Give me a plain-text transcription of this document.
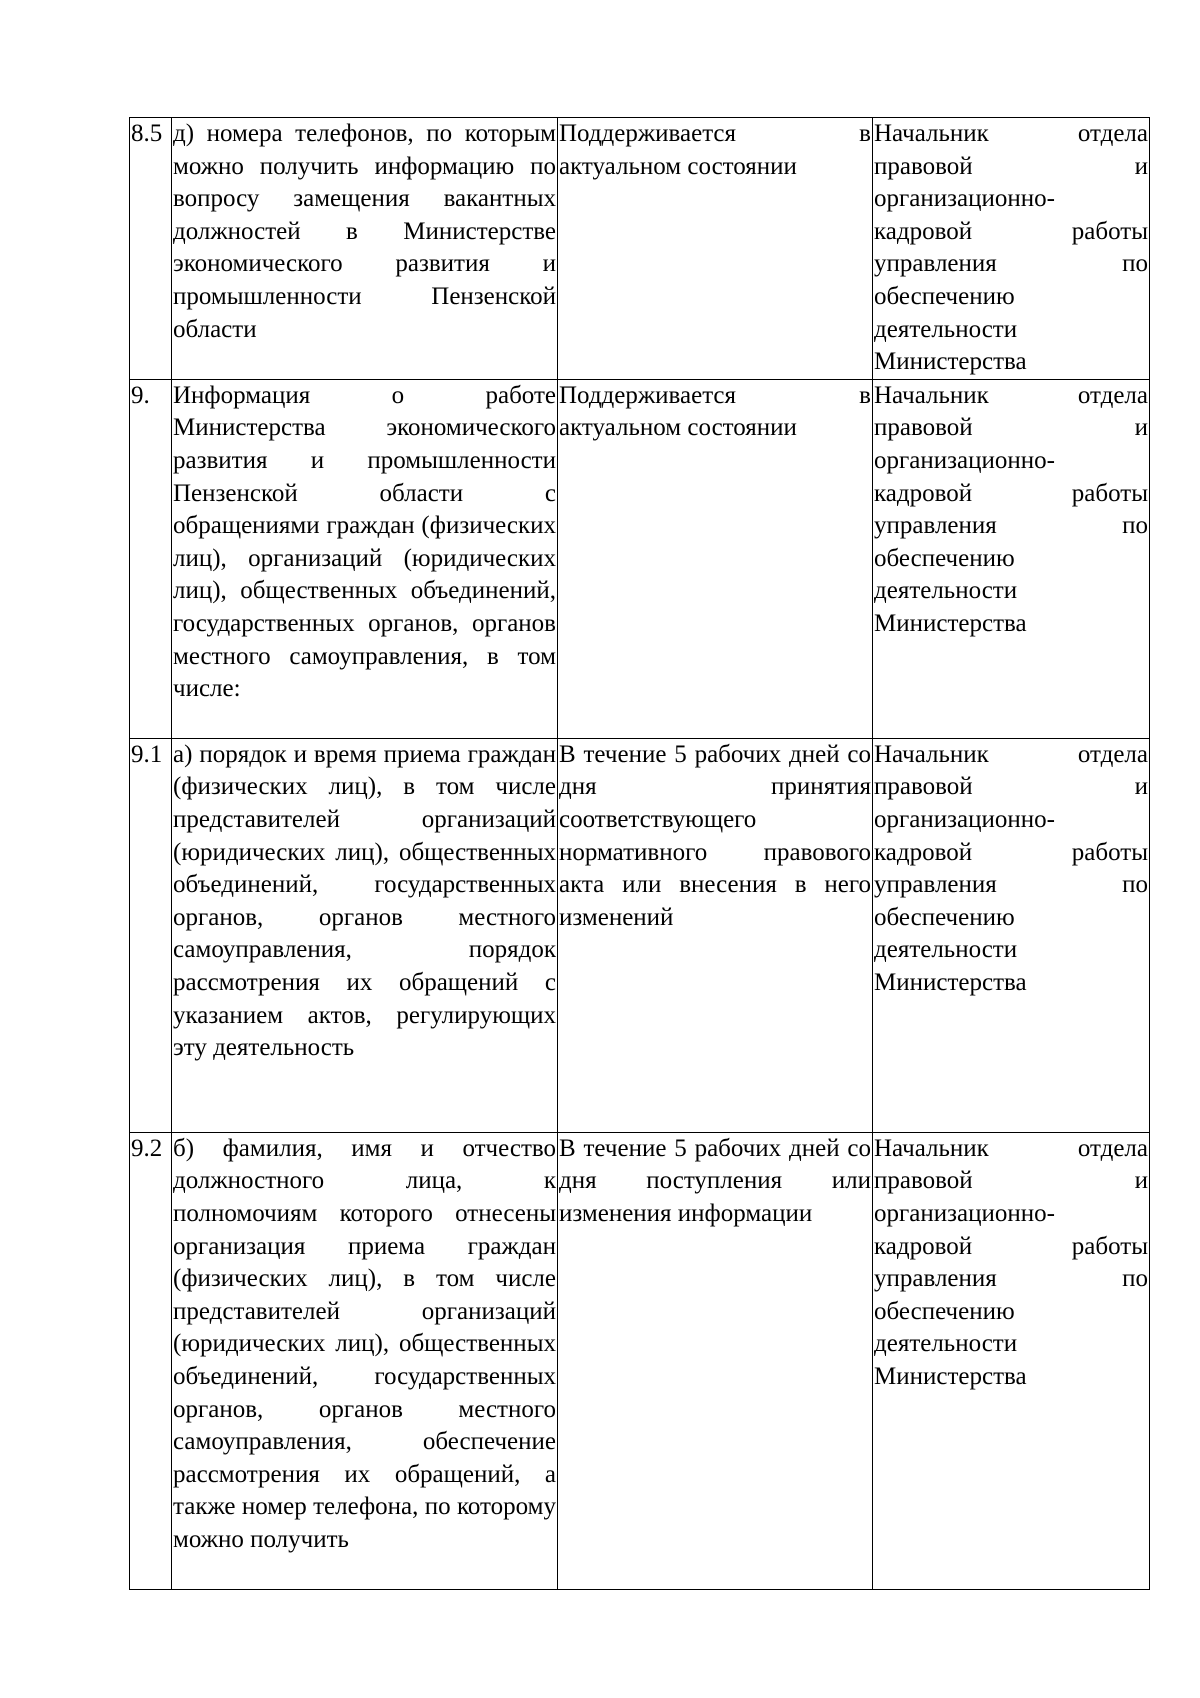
8.5	д) номера телефонов, по которым можно получить информацию по вопросу замещения вакантных должностей в Министерстве экономического развития и промышленности Пензенской области	Поддерживается в актуальном состоянии	Начальник отдела правовой и организационно-кадровой работы управления по обеспечению деятельности Министерства
9.	Информация о работе Министерства экономического развития и промышленности Пензенской области с обращениями граждан (физических лиц), организаций (юридических лиц), общественных объединений, государственных органов, органов местного самоуправления, в том числе:	Поддерживается в актуальном состоянии	Начальник отдела правовой и организационно-кадровой работы управления по обеспечению деятельности Министерства
9.1	а) порядок и время приема граждан (физических лиц), в том числе представителей организаций (юридических лиц), общественных объединений, государственных органов, органов местного самоуправления, порядок рассмотрения их обращений с указанием актов, регулирующих эту деятельность	В течение 5 рабочих дней со дня принятия соответствующего нормативного правового акта или внесения в него изменений	Начальник отдела правовой и организационно-кадровой работы управления по обеспечению деятельности Министерства
9.2	б) фамилия, имя и отчество должностного лица, к полномочиям которого отнесены организация приема граждан (физических лиц), в том числе представителей организаций (юридических лиц), общественных объединений, государственных органов, органов местного самоуправления, обеспечение рассмотрения их обращений, а также номер телефона, по которому можно получить	В течение 5 рабочих дней со дня поступления или изменения информации	Начальник отдела правовой и организационно-кадровой работы управления по обеспечению деятельности Министерства
